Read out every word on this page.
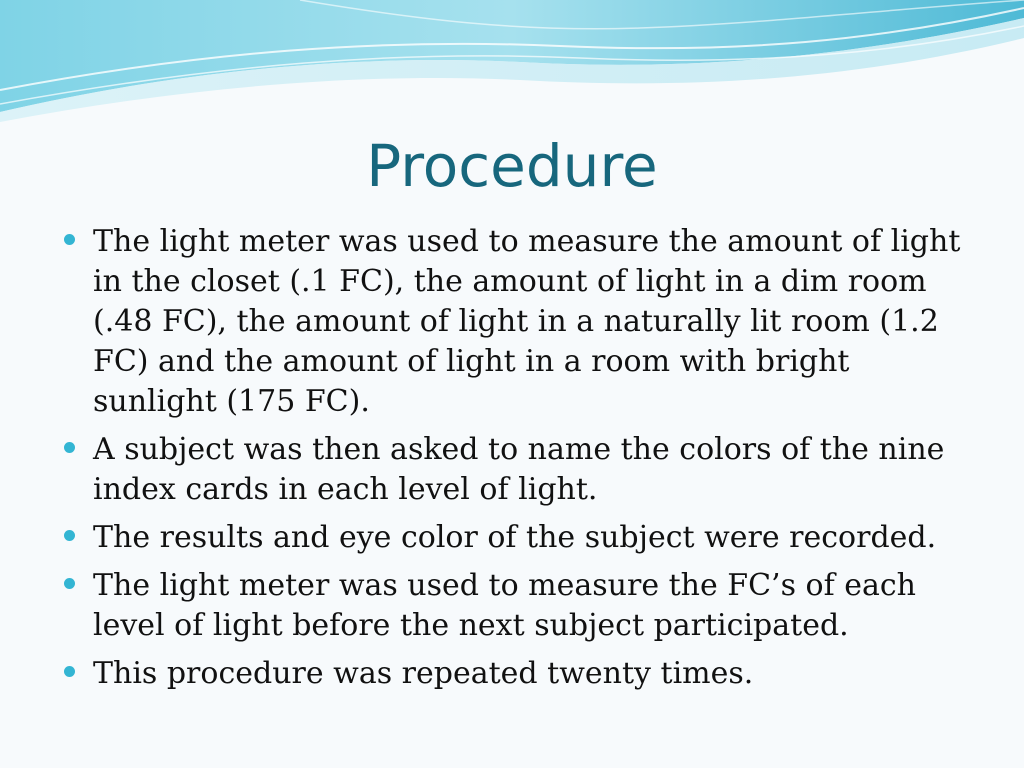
Procedure
The light meter was used to measure the amount of light in the closet (.1 FC), the amount of light in a dim room (.48 FC), the amount of light in a naturally lit room (1.2 FC) and the amount of light in a room with bright sunlight (175 FC).
A subject was then asked to name the colors of the nine index cards in each level of light.
The results and eye color of the subject were recorded.
The light meter was used to measure the FC’s of each level of light before the next subject participated.
This procedure was repeated twenty times.
